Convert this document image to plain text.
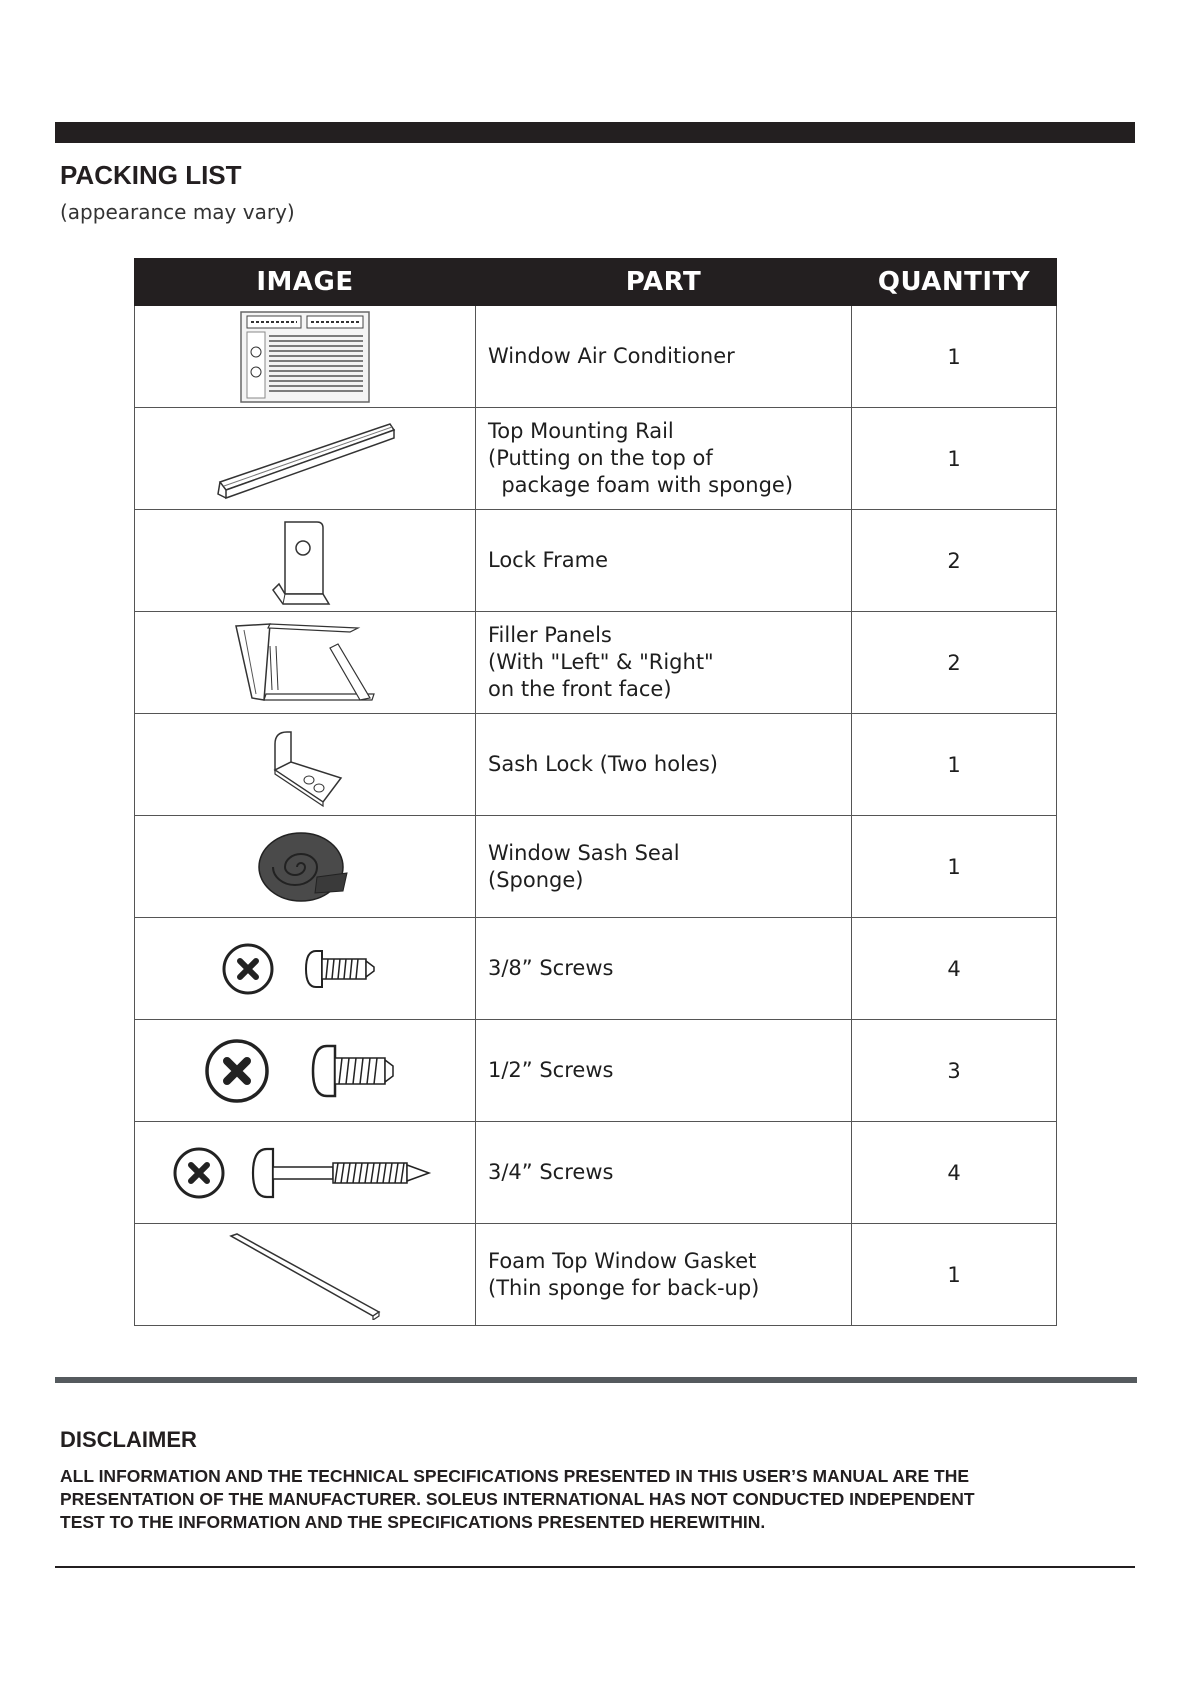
PACKING LIST

(appearance may vary)

IMAGE	PART	QUANTITY

Window Air Conditioner	1

Top Mounting Rail
(Putting on the top of
package foam with sponge)	1

Lock Frame	2

Filler Panels
(With "Left" & "Right"
on the front face)	2

Sash Lock (Two holes)	1

Window Sash Seal
(Sponge)	1

3/8” Screws	4

1/2” Screws	3

3/4” Screws	4

Foam Top Window Gasket
(Thin sponge for back-up)	1
DISCLAIMER

ALL INFORMATION AND THE TECHNICAL SPECIFICATIONS PRESENTED IN THIS USER’S MANUAL ARE THE
PRESENTATION OF THE MANUFACTURER. SOLEUS INTERNATIONAL HAS NOT CONDUCTED INDEPENDENT
TEST TO THE INFORMATION AND THE SPECIFICATIONS PRESENTED HEREWITHIN.
